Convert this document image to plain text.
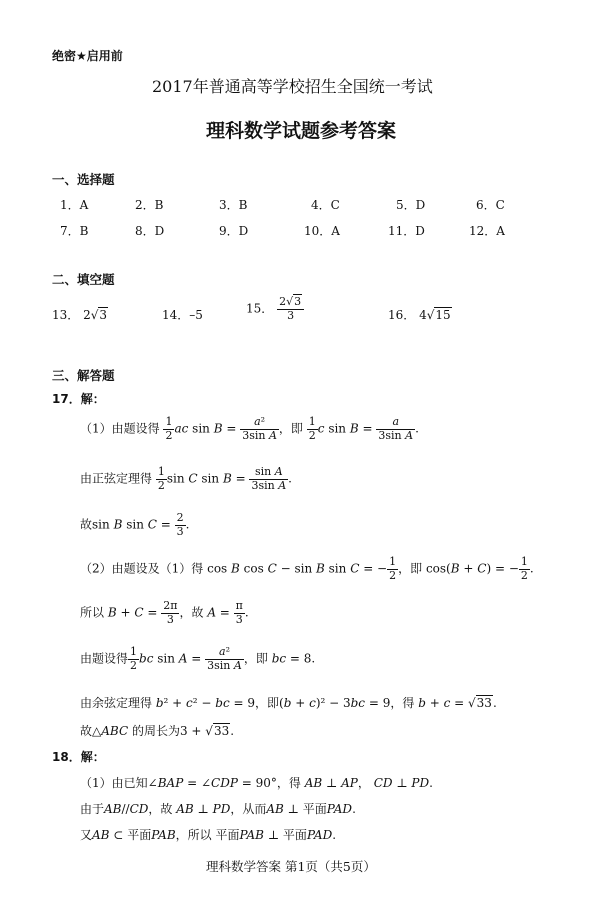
绝密★启用前
2017年普通高等学校招生全国统一考试
理科数学试题参考答案
一、选择题
1．A	2．B	3．B	4．C	5．D	6．C
7．B	8．D	9．D	10．A	11．D	12．A
二、填空题
13． 2√3	14．–5	15． $\frac{2√3}{3}$	16． 4√15
三、解答题
17．解：
（1）由题设得 $\frac{1}{2}$ ac $\sin B = \frac{\text{a²}}{\text{3sin A}}$ ，即 $\frac{1}{2}$ c $\sin B = \frac{a}{\text{3sin A}}$ .
由正弦定理得 $\frac{1}{2}$ sin C $\sin B = \frac{\text{sin A}}{\text{3sin A}}$ .
故sin B $\sin C = \frac{2}{3}$ .
（2）由题设及（1）得 cos B cos C − sin B sin C = − $\frac{1}{2}$ ，即 cos(B + C) = − $\frac{1}{2}$ .
所以 $B + C = \frac{2\pi}{3}$ ，故 $A = \frac{\pi}{3}$ .
由题设得 $\frac{1}{2}$ bc $\sin A = \frac{\text{a²}}{\text{3sin A}}$ ，即 bc = 8.
由余弦定理得 b² + c² − bc = 9，即(b + c)² − 3bc = 9，得 b + c = √33.
故△ABC 的周长为3 + √33.
18．解：
（1）由已知∠BAP = ∠CDP = 90°，得 AB ⊥ AP， CD ⊥ PD.
由于AB//CD，故 AB ⊥ PD，从而AB ⊥ 平面PAD.
又AB ⊂ 平面PAB，所以 平面PAB ⊥ 平面PAD.
理科数学答案 第1页（共5页）
